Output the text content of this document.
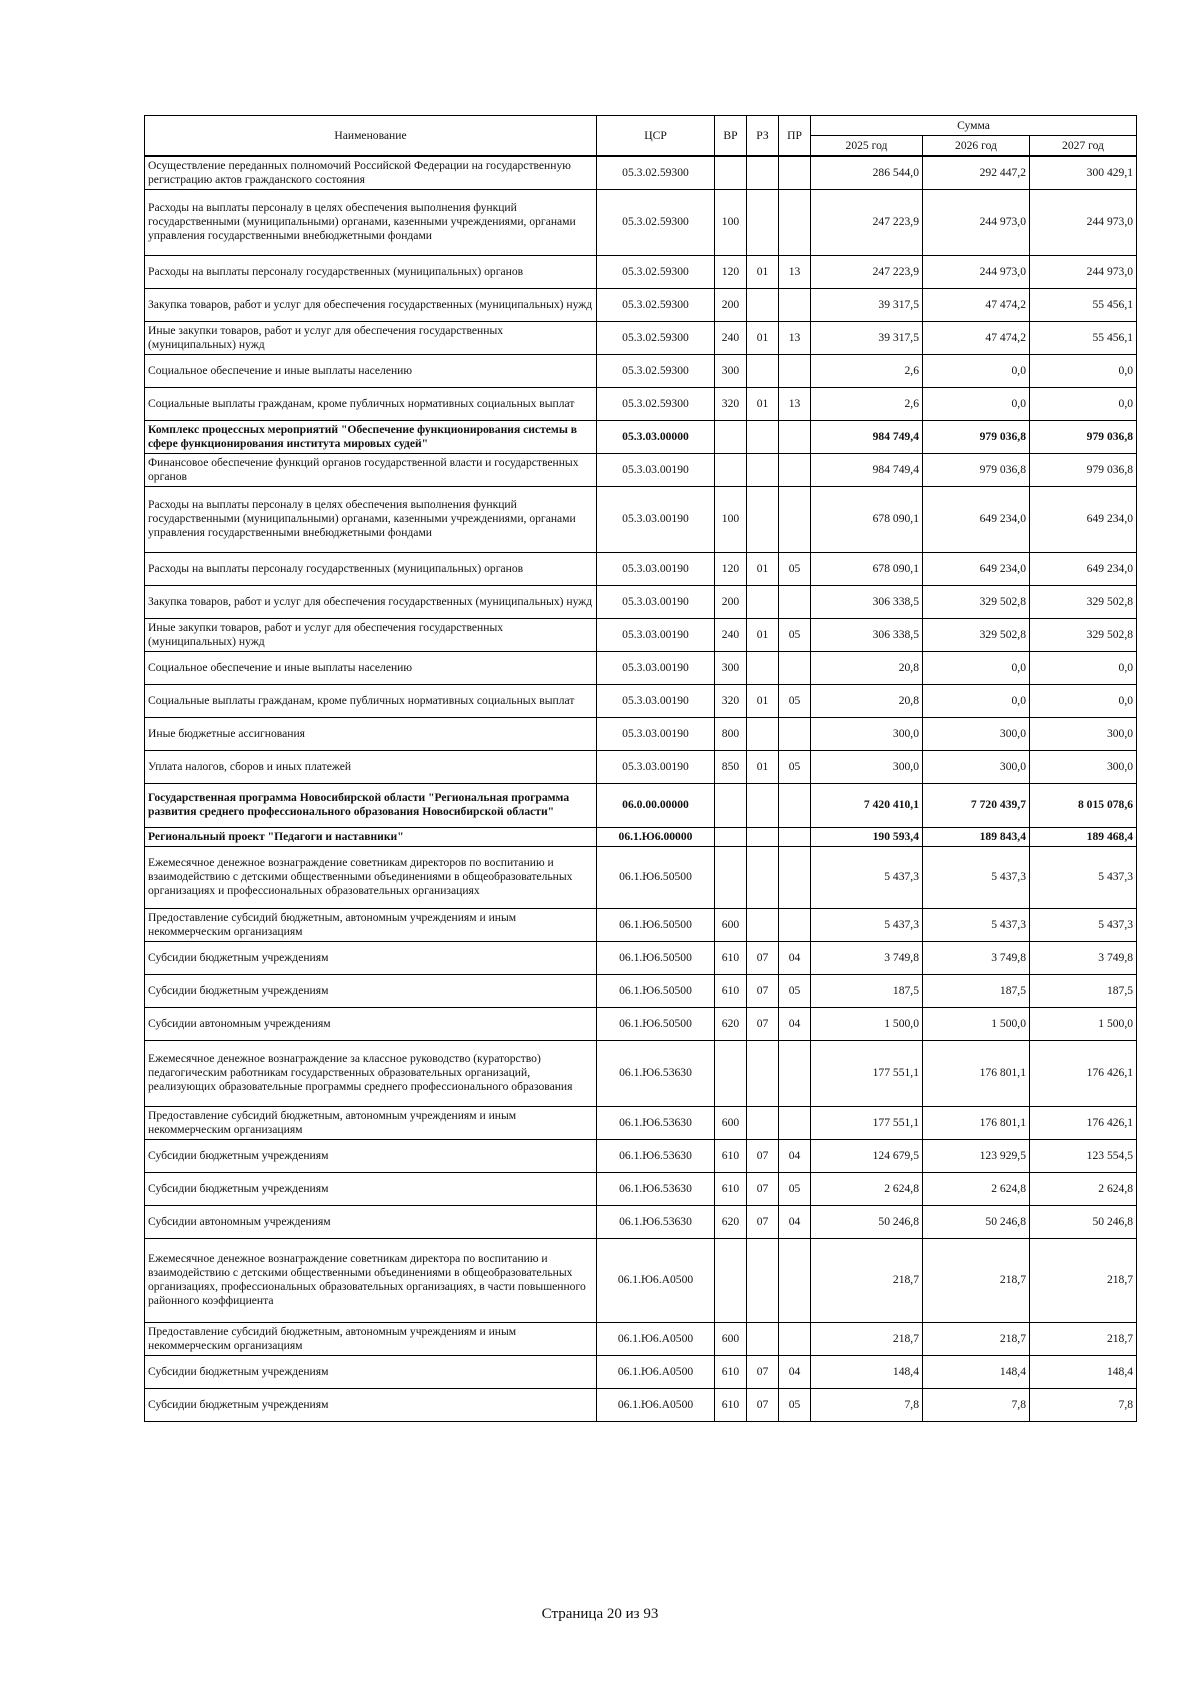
Наименование	ЦСР	ВР	РЗ	ПР	Сумма		
					2025 год	2026 год	2027 год
Осуществление переданных полномочий Российской Федерации на государственную регистрацию актов гражданского состояния	05.3.02.59300				286 544,0	292 447,2	300 429,1
Расходы на выплаты персоналу в целях обеспечения выполнения функций государственными (муниципальными) органами, казенными учреждениями, органами управления государственными внебюджетными фондами	05.3.02.59300	100			247 223,9	244 973,0	244 973,0
Расходы на выплаты персоналу государственных (муниципальных) органов	05.3.02.59300	120	01	13	247 223,9	244 973,0	244 973,0
Закупка товаров, работ и услуг для обеспечения государственных (муниципальных) нужд	05.3.02.59300	200			39 317,5	47 474,2	55 456,1
Иные закупки товаров, работ и услуг для обеспечения государственных (муниципальных) нужд	05.3.02.59300	240	01	13	39 317,5	47 474,2	55 456,1
Социальное обеспечение и иные выплаты населению	05.3.02.59300	300			2,6	0,0	0,0
Социальные выплаты гражданам, кроме публичных нормативных социальных выплат	05.3.02.59300	320	01	13	2,6	0,0	0,0
Комплекс процессных мероприятий "Обеспечение функционирования системы в сфере функционирования института мировых судей"	05.3.03.00000				984 749,4	979 036,8	979 036,8
Финансовое обеспечение функций органов государственной власти и государственных органов	05.3.03.00190				984 749,4	979 036,8	979 036,8
Расходы на выплаты персоналу в целях обеспечения выполнения функций государственными (муниципальными) органами, казенными учреждениями, органами управления государственными внебюджетными фондами	05.3.03.00190	100			678 090,1	649 234,0	649 234,0
Расходы на выплаты персоналу государственных (муниципальных) органов	05.3.03.00190	120	01	05	678 090,1	649 234,0	649 234,0
Закупка товаров, работ и услуг для обеспечения государственных (муниципальных) нужд	05.3.03.00190	200			306 338,5	329 502,8	329 502,8
Иные закупки товаров, работ и услуг для обеспечения государственных (муниципальных) нужд	05.3.03.00190	240	01	05	306 338,5	329 502,8	329 502,8
Социальное обеспечение и иные выплаты населению	05.3.03.00190	300			20,8	0,0	0,0
Социальные выплаты гражданам, кроме публичных нормативных социальных выплат	05.3.03.00190	320	01	05	20,8	0,0	0,0
Иные бюджетные ассигнования	05.3.03.00190	800			300,0	300,0	300,0
Уплата налогов, сборов и иных платежей	05.3.03.00190	850	01	05	300,0	300,0	300,0
Государственная программа Новосибирской области "Региональная программа развития среднего профессионального образования Новосибирской области"	06.0.00.00000				7 420 410,1	7 720 439,7	8 015 078,6
Региональный проект "Педагоги и наставники"	06.1.Ю6.00000				190 593,4	189 843,4	189 468,4
Ежемесячное денежное вознаграждение советникам директоров по воспитанию и взаимодействию с детскими общественными объединениями в общеобразовательных организациях и профессиональных образовательных организациях	06.1.Ю6.50500				5 437,3	5 437,3	5 437,3
Предоставление субсидий бюджетным, автономным учреждениям и иным некоммерческим организациям	06.1.Ю6.50500	600			5 437,3	5 437,3	5 437,3
Субсидии бюджетным учреждениям	06.1.Ю6.50500	610	07	04	3 749,8	3 749,8	3 749,8
Субсидии бюджетным учреждениям	06.1.Ю6.50500	610	07	05	187,5	187,5	187,5
Субсидии автономным учреждениям	06.1.Ю6.50500	620	07	04	1 500,0	1 500,0	1 500,0
Ежемесячное денежное вознаграждение за классное руководство (кураторство) педагогическим работникам государственных образовательных организаций, реализующих образовательные программы среднего профессионального образования	06.1.Ю6.53630				177 551,1	176 801,1	176 426,1
Предоставление субсидий бюджетным, автономным учреждениям и иным некоммерческим организациям	06.1.Ю6.53630	600			177 551,1	176 801,1	176 426,1
Субсидии бюджетным учреждениям	06.1.Ю6.53630	610	07	04	124 679,5	123 929,5	123 554,5
Субсидии бюджетным учреждениям	06.1.Ю6.53630	610	07	05	2 624,8	2 624,8	2 624,8
Субсидии автономным учреждениям	06.1.Ю6.53630	620	07	04	50 246,8	50 246,8	50 246,8
Ежемесячное денежное вознаграждение советникам директора по воспитанию и взаимодействию с детскими общественными объединениями в общеобразовательных организациях, профессиональных образовательных организациях, в части повышенного районного коэффициента	06.1.Ю6.А0500				218,7	218,7	218,7
Предоставление субсидий бюджетным, автономным учреждениям и иным некоммерческим организациям	06.1.Ю6.А0500	600			218,7	218,7	218,7
Субсидии бюджетным учреждениям	06.1.Ю6.А0500	610	07	04	148,4	148,4	148,4
Субсидии бюджетным учреждениям	06.1.Ю6.А0500	610	07	05	7,8	7,8	7,8
Страница 20 из 93
